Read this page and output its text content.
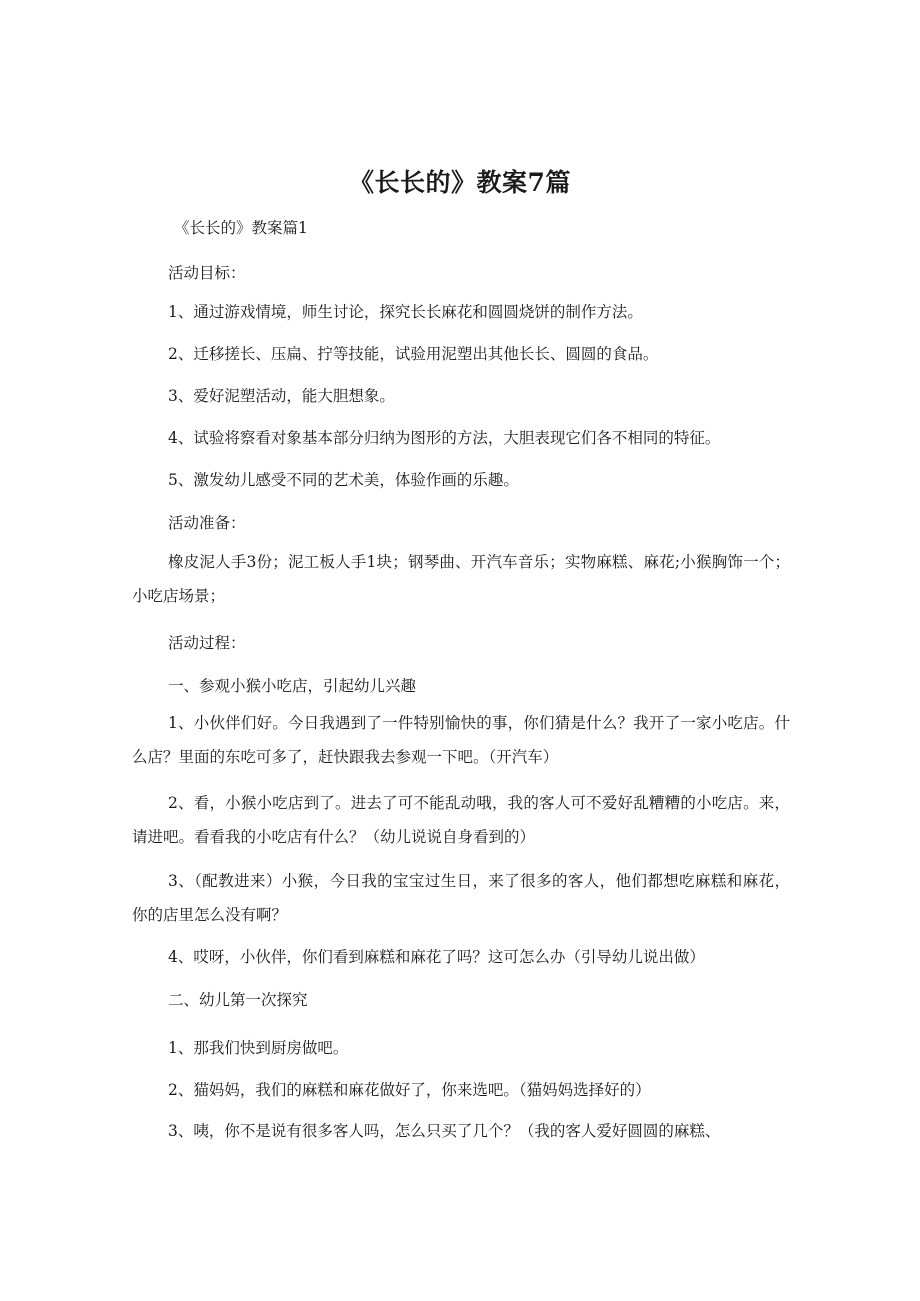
《长长的》教案7篇
《长长的》教案篇1
活动目标：
1、通过游戏情境，师生讨论，探究长长麻花和圆圆烧饼的制作方法。
2、迁移搓长、压扁、拧等技能，试验用泥塑出其他长长、圆圆的食品。
3、爱好泥塑活动，能大胆想象。
4、试验将察看对象基本部分归纳为图形的方法，大胆表现它们各不相同的特征。
5、激发幼儿感受不同的艺术美，体验作画的乐趣。
活动准备：
橡皮泥人手3份；泥工板人手1块；钢琴曲、开汽车音乐；实物麻糕、麻花;小猴胸饰一个；小吃店场景；
活动过程：
一、参观小猴小吃店，引起幼儿兴趣
1、小伙伴们好。今日我遇到了一件特别愉快的事，你们猜是什么？我开了一家小吃店。什么店？里面的东吃可多了，赶快跟我去参观一下吧。（开汽车）
2、看，小猴小吃店到了。进去了可不能乱动哦，我的客人可不爱好乱糟糟的小吃店。来，请进吧。看看我的小吃店有什么？（幼儿说说自身看到的）
3、（配教进来）小猴，今日我的宝宝过生日，来了很多的客人，他们都想吃麻糕和麻花，你的店里怎么没有啊？
4、哎呀，小伙伴，你们看到麻糕和麻花了吗？这可怎么办（引导幼儿说出做）
二、幼儿第一次探究
1、那我们快到厨房做吧。
2、猫妈妈，我们的麻糕和麻花做好了，你来选吧。（猫妈妈选择好的）
3、咦，你不是说有很多客人吗，怎么只买了几个？（我的客人爱好圆圆的麻糕、
